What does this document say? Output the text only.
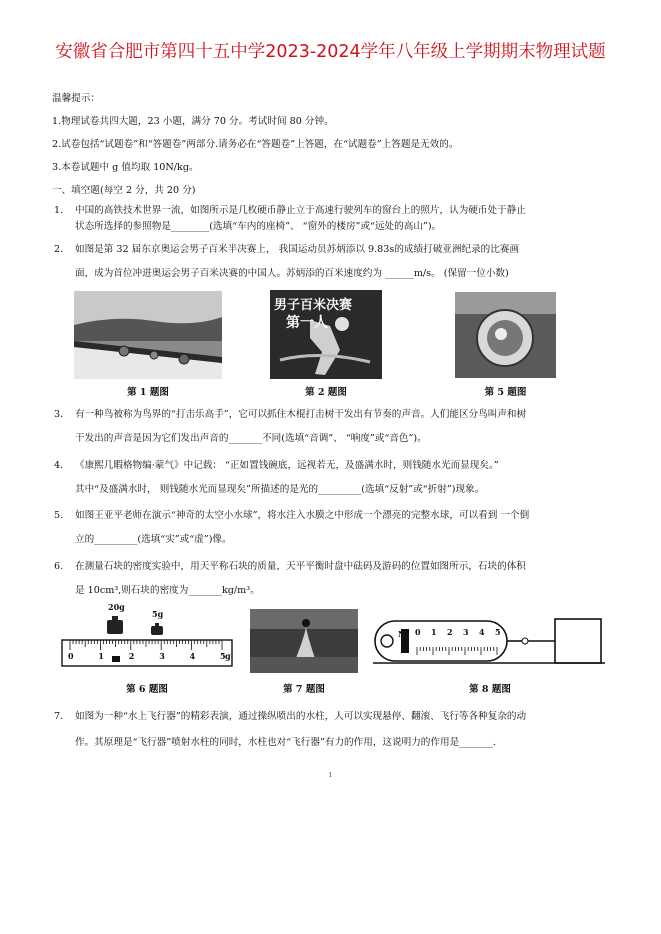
安徽省合肥市第四十五中学2023-2024学年八年级上学期期末物理试题
温馨提示：
1.物理试卷共四大题，23 小题，满分 70 分。考试时间 80 分钟。
2.试卷包括“试题卷”和“答题卷”两部分.请务必在“答题卷”上答题，在“试题卷”上答题是无效的。
3.本卷试题中 g 值均取 10N/kg。
一、填空题(每空 2 分，共 20 分)
1. 中国的高铁技术世界一流，如图所示是几枚硬币静止立于高速行驶列车的窗台上的照片，认为硬币处于静止
状态所选择的参照物是________(选填“车内的座椅”、 “窗外的楼房”或“远处的高山”)。
2. 如图是第 32 届东京奥运会男子百米半决赛上， 我国运动员苏炳添以 9.83s的成绩打破亚洲纪录的比赛画
面，成为首位冲进奥运会男子百米决赛的中国人。苏炳添的百米速度约为 ______m/s。 (保留一位小数)
男子百米决赛
第一人
第 1 题图	第 2 题图	第 5 题图
3. 有一种鸟被称为鸟界的“打击乐高手”，它可以抓住木棍打击树干发出有节奏的声音。人们能区分鸟叫声和树
干发出的声音是因为它们发出声音的_______不同(选填“音调”、 “响度”或“音色”)。
4. 《康熙几暇格物编·蒙气》中记载： “正如置钱碗底，远视若无，及盛满水时，则钱随水光而显现矣。”
其中“及盛满水时， 则钱随水光而显现矣”所描述的是光的_________(选填“反射”或“折射”)现象。
5. 如图王亚平老师在演示“神奇的太空小水球”，将水注入水膜之中形成一个漂亮的完整水球，可以看到 一个倒
立的_________(选填“实”或“虚”)像。
6. 在测量石块的密度实验中，用天平称石块的质量，天平平衡时盘中砝码及游码的位置如图所示，石块的体积
是 10cm³,则石块的密度为_______kg/m³。
20g
5g
0	1	2	3	4	5 g
N 0 1 2 3 4 5
第 6 题图	第 7 题图	第 8 题图
7. 如图为一种“水上飞行器”的精彩表演，通过操纵喷出的水柱，人可以实现悬停、翻滚、飞行等各种复杂的动
作。其原理是“飞行器”喷射水柱的同时，水柱也对“飞行器”有力的作用，这说明力的作用是_______.
1
